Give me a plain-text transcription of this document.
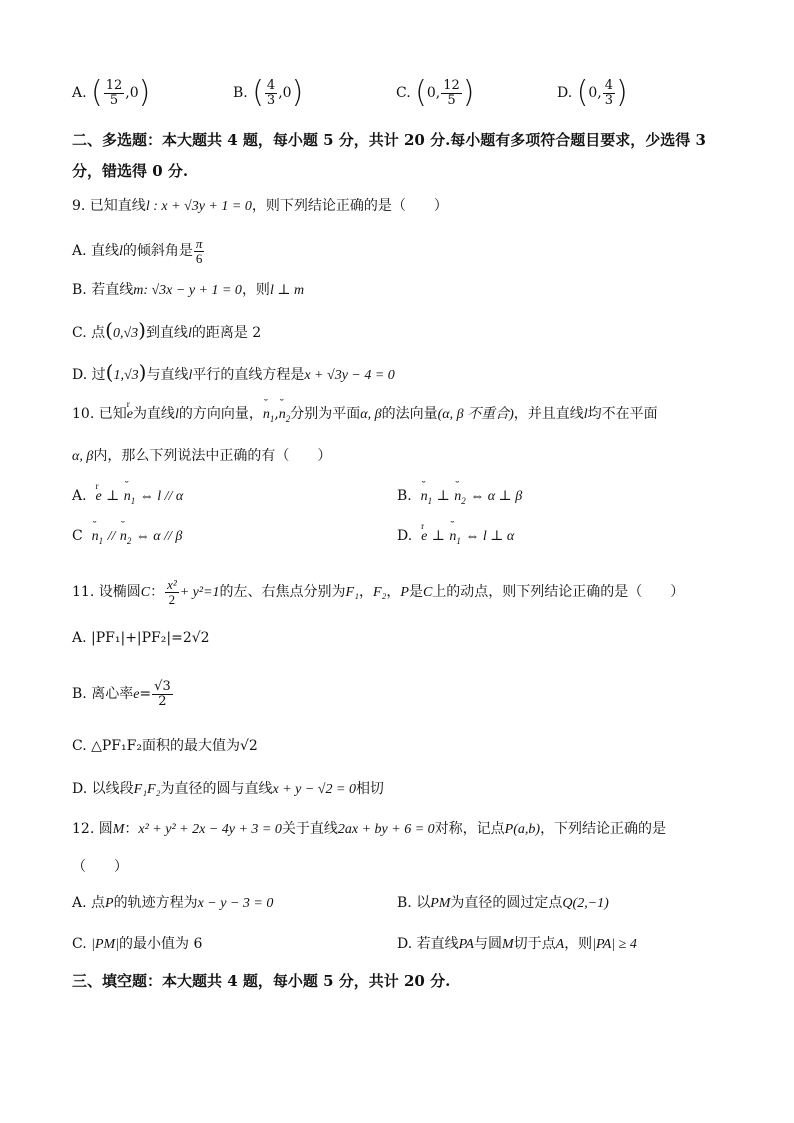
A. ( $\frac{12}{5} ,0$)	B. ( $\frac{4}{3} ,0$)	C. (0, $\frac{12}{5}$ )	D. (0, $\frac{4}{3}$ )
二、多选题：本大题共 4 题，每小题 5 分，共计 20 分.每小题有多项符合题目要求，少选得 3
分，错选得 0 分.
9. 已知直线l : x + √3y + 1 = 0，则下列结论正确的是（　　）
A. 直线l的倾斜角是 $\frac{\pi}{6}$
B. 若直线m: √3x − y + 1 = 0，则l ⊥ m
C. 点(0,√3)到直线l的距离是 2
D. 过(1,√3)与直线l平行的直线方程是x + √3y − 4 = 0
10. 已知r e为直线l的方向向量，˘ $n_1,˘$ $n_2$分别为平面α, β的法向量(α, β 不重合)，并且直线l均不在平面
α, β内，那么下列说法中正确的有（　　）
A. r e ⊥ ˘ $n_1$ ⇔ l // α	B. ˘ $n_1$ ⊥ ˘ $n_2$ ⇔ α ⊥ β
C ˘ $n_1$ // ˘ $n_2$ ⇔ α // β	D. r e ⊥ ˘ $n_1$ ⇔ l ⊥ α
11. 设椭圆C： $\frac{\text{x²}}{2} + y^2=1$的左、右焦点分别为F₁，F₂，P是C上的动点，则下列结论正确的是（　　）
A. |PF₁|+|PF₂|=2√2
B. 离心率$e= \frac{√3}{2}$
C. △PF₁F₂面积的最大值为√2
D. 以线段F₁F₂为直径的圆与直线x + y − √2 = 0相切
12. 圆M：x² + y² + 2x − 4y + 3 = 0关于直线2ax + by + 6 = 0对称，记点P(a,b)，下列结论正确的是
（　　）
A. 点P的轨迹方程为x − y − 3 = 0	B. 以PM为直径的圆过定点Q(2,−1)
C. |PM|的最小值为 6	D. 若直线PA与圆M切于点A，则|PA| ≥ 4
三、填空题：本大题共 4 题，每小题 5 分，共计 20 分.
